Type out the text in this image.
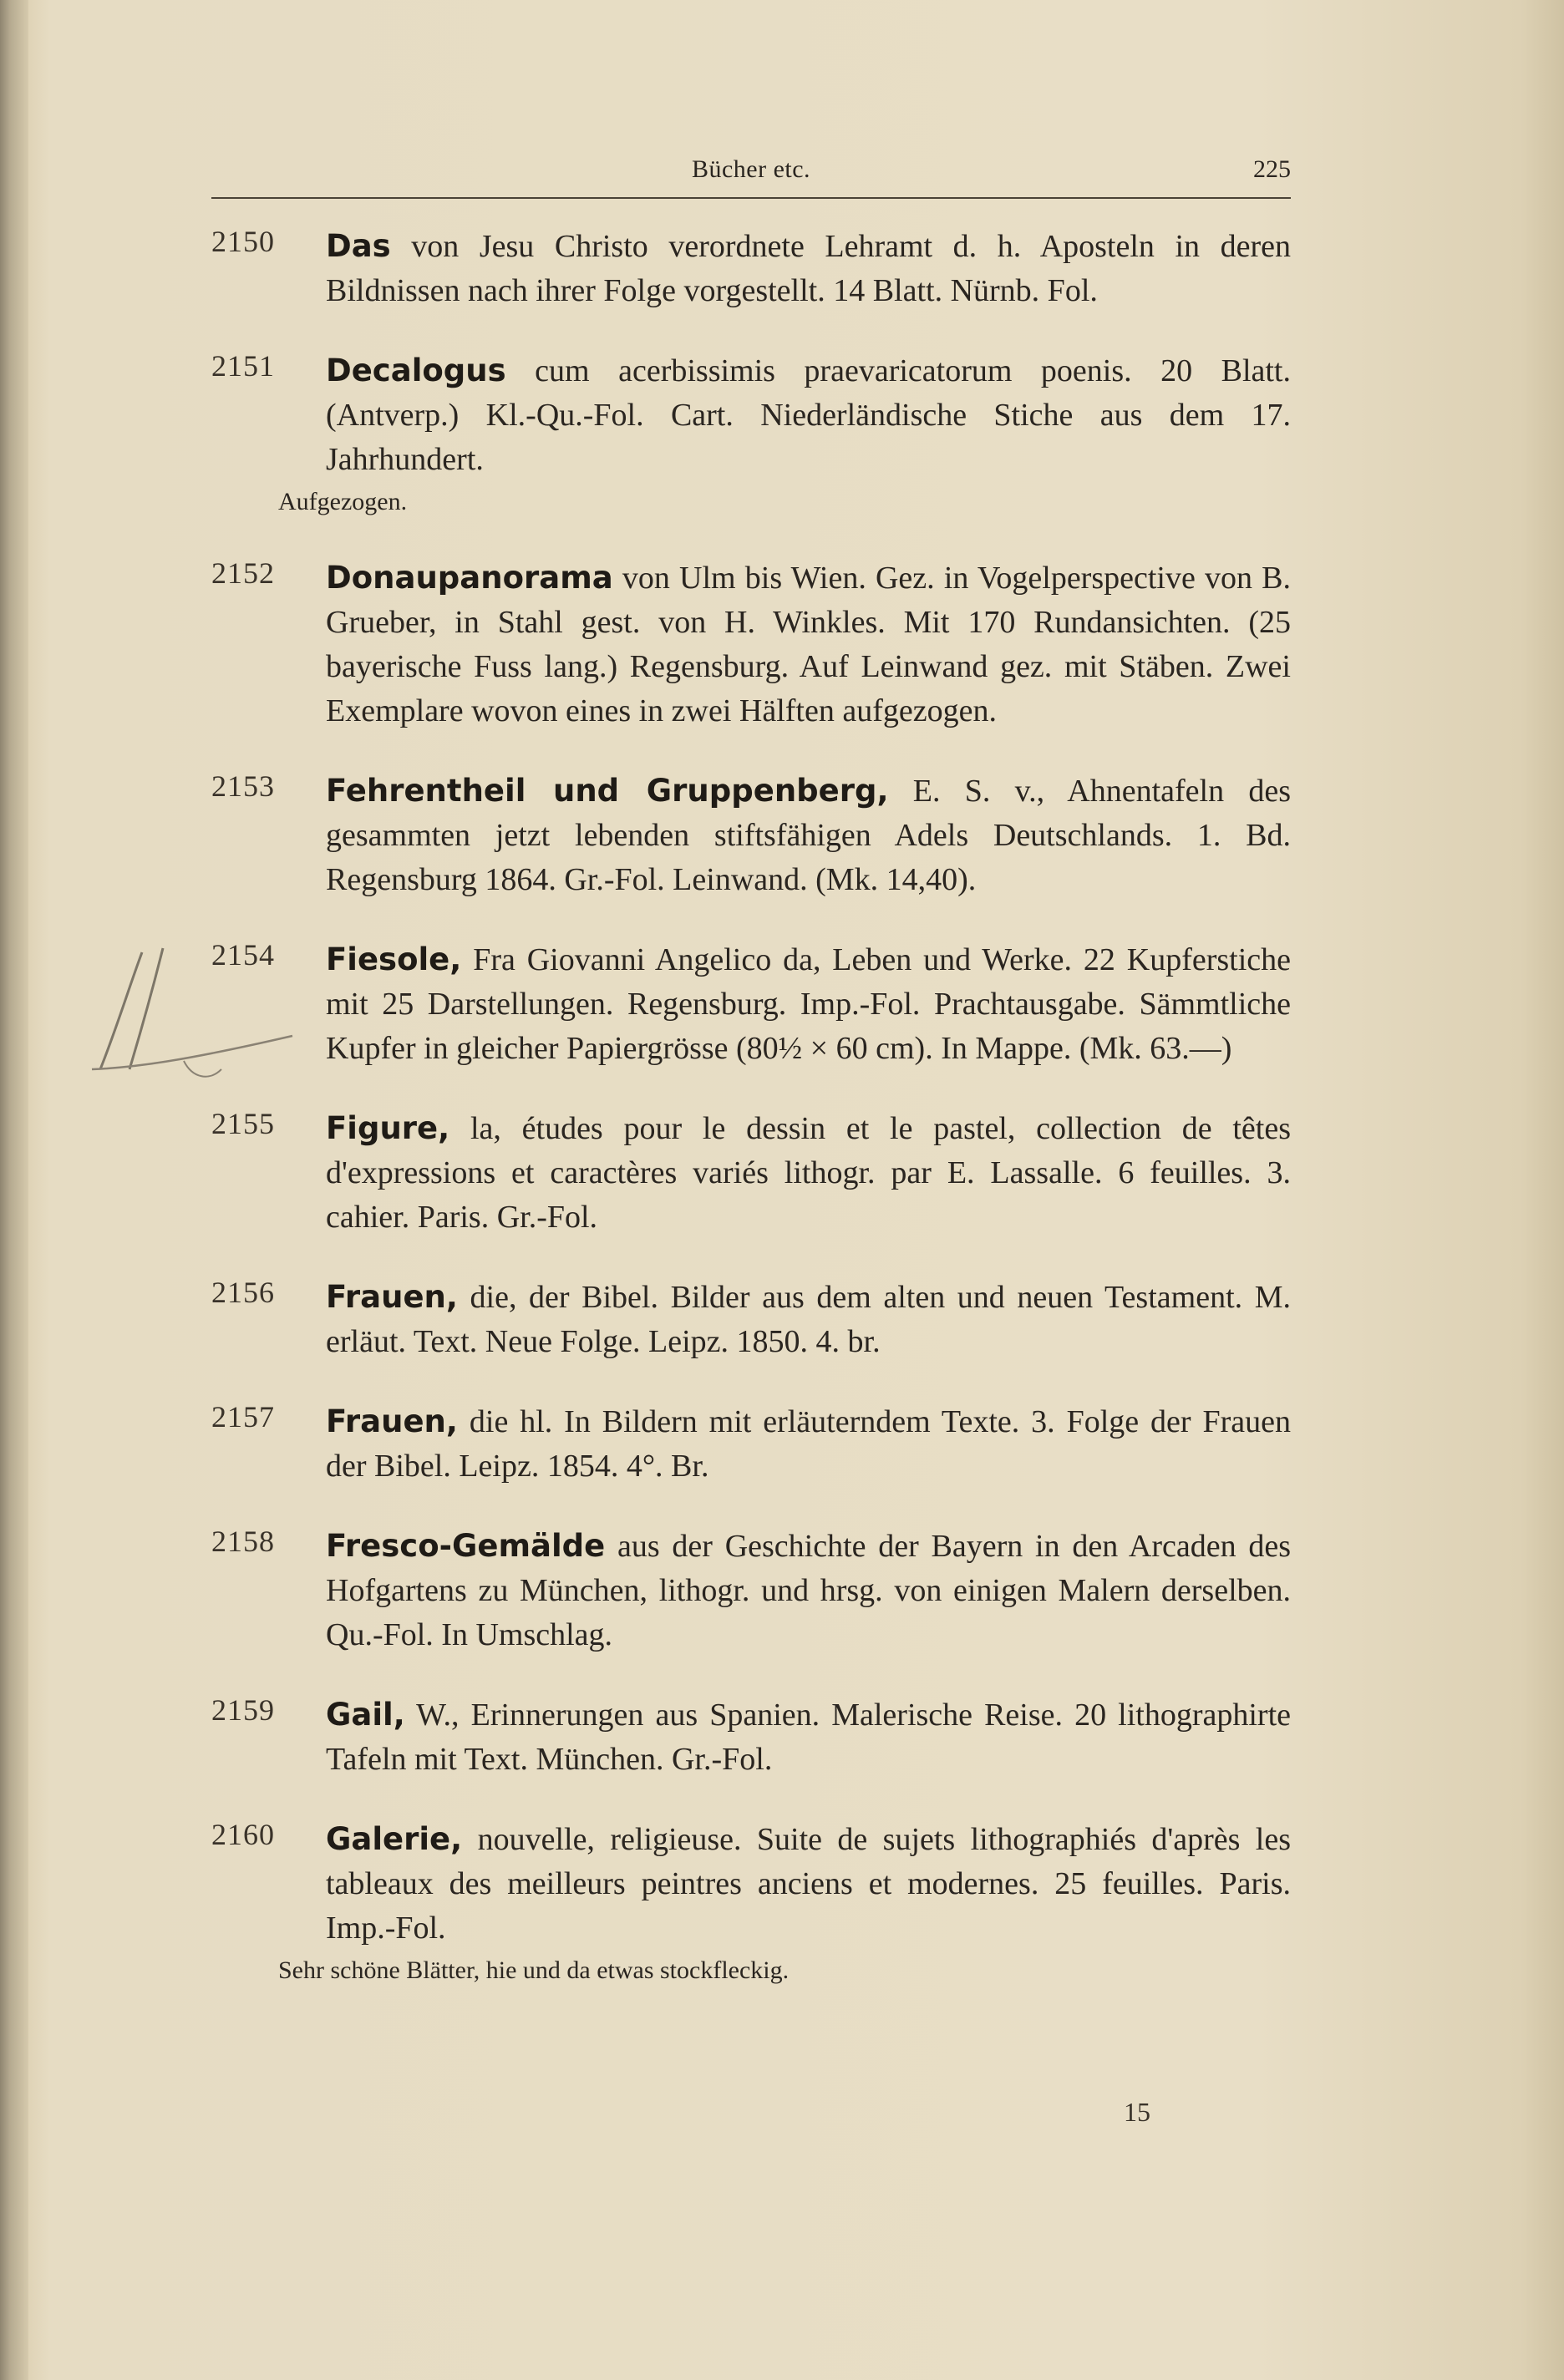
Bücher etc.	225
2150 Das von Jesu Christo verordnete Lehramt d. h. Aposteln in deren Bildnissen nach ihrer Folge vorgestellt. 14 Blatt. Nürnb. Fol.
2151 Decalogus cum acerbissimis praevaricatorum poenis. 20 Blatt. (Antverp.) Kl.-Qu.-Fol. Cart. Niederländische Stiche aus dem 17. Jahrhundert.
Aufgezogen.
2152 Donaupanorama von Ulm bis Wien. Gez. in Vogelperspective von B. Grueber, in Stahl gest. von H. Winkles. Mit 170 Rundansichten. (25 bayerische Fuss lang.) Regensburg. Auf Leinwand gez. mit Stäben. Zwei Exemplare wovon eines in zwei Hälften aufgezogen.
2153 Fehrentheil und Gruppenberg, E. S. v., Ahnentafeln des gesammten jetzt lebenden stiftsfähigen Adels Deutschlands. 1. Bd. Regensburg 1864. Gr.-Fol. Leinwand. (Mk. 14,40).
2154 Fiesole, Fra Giovanni Angelico da, Leben und Werke. 22 Kupferstiche mit 25 Darstellungen. Regensburg. Imp.-Fol. Prachtausgabe. Sämmtliche Kupfer in gleicher Papiergrösse (80½ × 60 cm). In Mappe. (Mk. 63.—)
2155 Figure, la, études pour le dessin et le pastel, collection de têtes d'expressions et caractères variés lithogr. par E. Lassalle. 6 feuilles. 3. cahier. Paris. Gr.-Fol.
2156 Frauen, die, der Bibel. Bilder aus dem alten und neuen Testament. M. erläut. Text. Neue Folge. Leipz. 1850. 4. br.
2157 Frauen, die hl. In Bildern mit erläuterndem Texte. 3. Folge der Frauen der Bibel. Leipz. 1854. 4°. Br.
2158 Fresco-Gemälde aus der Geschichte der Bayern in den Arcaden des Hofgartens zu München, lithogr. und hrsg. von einigen Malern derselben. Qu.-Fol. In Umschlag.
2159 Gail, W., Erinnerungen aus Spanien. Malerische Reise. 20 lithographirte Tafeln mit Text. München. Gr.-Fol.
2160 Galerie, nouvelle, religieuse. Suite de sujets lithographiés d'après les tableaux des meilleurs peintres anciens et modernes. 25 feuilles. Paris. Imp.-Fol.
Sehr schöne Blätter, hie und da etwas stockfleckig.
15
